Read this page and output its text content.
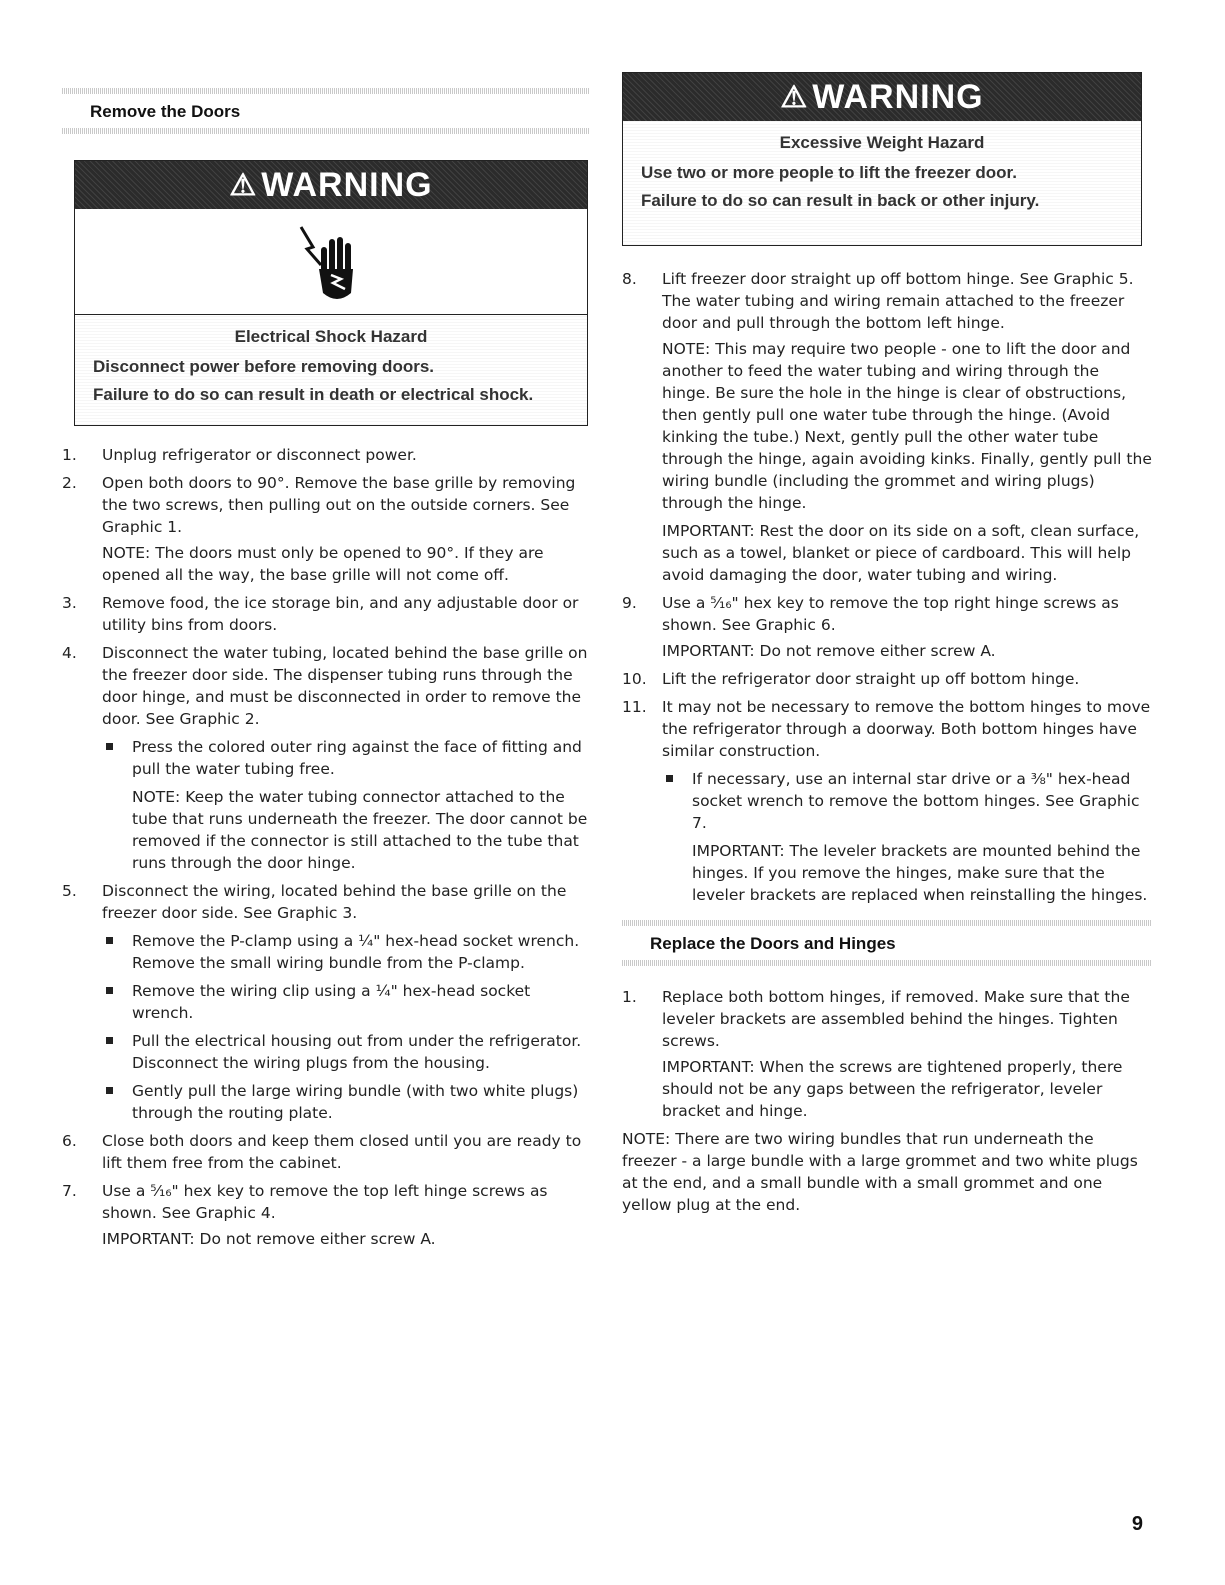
Remove the Doors
⚠ WARNING
Electrical Shock Hazard
Disconnect power before removing doors.
Failure to do so can result in death or electrical shock.
1. Unplug refrigerator or disconnect power.
2. Open both doors to 90°. Remove the base grille by removing the two screws, then pulling out on the outside corners. See Graphic 1.
NOTE: The doors must only be opened to 90°. If they are opened all the way, the base grille will not come off.
3. Remove food, the ice storage bin, and any adjustable door or utility bins from doors.
4. Disconnect the water tubing, located behind the base grille on the freezer door side. The dispenser tubing runs through the door hinge, and must be disconnected in order to remove the door. See Graphic 2.
Press the colored outer ring against the face of fitting and pull the water tubing free.
NOTE: Keep the water tubing connector attached to the tube that runs underneath the freezer. The door cannot be removed if the connector is still attached to the tube that runs through the door hinge.
5. Disconnect the wiring, located behind the base grille on the freezer door side. See Graphic 3.
Remove the P-clamp using a ¼" hex-head socket wrench. Remove the small wiring bundle from the P-clamp.
Remove the wiring clip using a ¼" hex-head socket wrench.
Pull the electrical housing out from under the refrigerator. Disconnect the wiring plugs from the housing.
Gently pull the large wiring bundle (with two white plugs) through the routing plate.
6. Close both doors and keep them closed until you are ready to lift them free from the cabinet.
7. Use a ⁵⁄₁₆" hex key to remove the top left hinge screws as shown. See Graphic 4.
IMPORTANT: Do not remove either screw A.
⚠ WARNING
Excessive Weight Hazard
Use two or more people to lift the freezer door.
Failure to do so can result in back or other injury.
8. Lift freezer door straight up off bottom hinge. See Graphic 5. The water tubing and wiring remain attached to the freezer door and pull through the bottom left hinge.
NOTE: This may require two people - one to lift the door and another to feed the water tubing and wiring through the hinge. Be sure the hole in the hinge is clear of obstructions, then gently pull one water tube through the hinge. (Avoid kinking the tube.) Next, gently pull the other water tube through the hinge, again avoiding kinks. Finally, gently pull the wiring bundle (including the grommet and wiring plugs) through the hinge.
IMPORTANT: Rest the door on its side on a soft, clean surface, such as a towel, blanket or piece of cardboard. This will help avoid damaging the door, water tubing and wiring.
9. Use a ⁵⁄₁₆" hex key to remove the top right hinge screws as shown. See Graphic 6.
IMPORTANT: Do not remove either screw A.
10. Lift the refrigerator door straight up off bottom hinge.
11. It may not be necessary to remove the bottom hinges to move the refrigerator through a doorway. Both bottom hinges have similar construction.
If necessary, use an internal star drive or a ⅜" hex-head socket wrench to remove the bottom hinges. See Graphic 7.
IMPORTANT: The leveler brackets are mounted behind the hinges. If you remove the hinges, make sure that the leveler brackets are replaced when reinstalling the hinges.
Replace the Doors and Hinges
1. Replace both bottom hinges, if removed. Make sure that the leveler brackets are assembled behind the hinges. Tighten screws.
IMPORTANT: When the screws are tightened properly, there should not be any gaps between the refrigerator, leveler bracket and hinge.

NOTE: There are two wiring bundles that run underneath the freezer - a large bundle with a large grommet and two white plugs at the end, and a small bundle with a small grommet and one yellow plug at the end.

9
